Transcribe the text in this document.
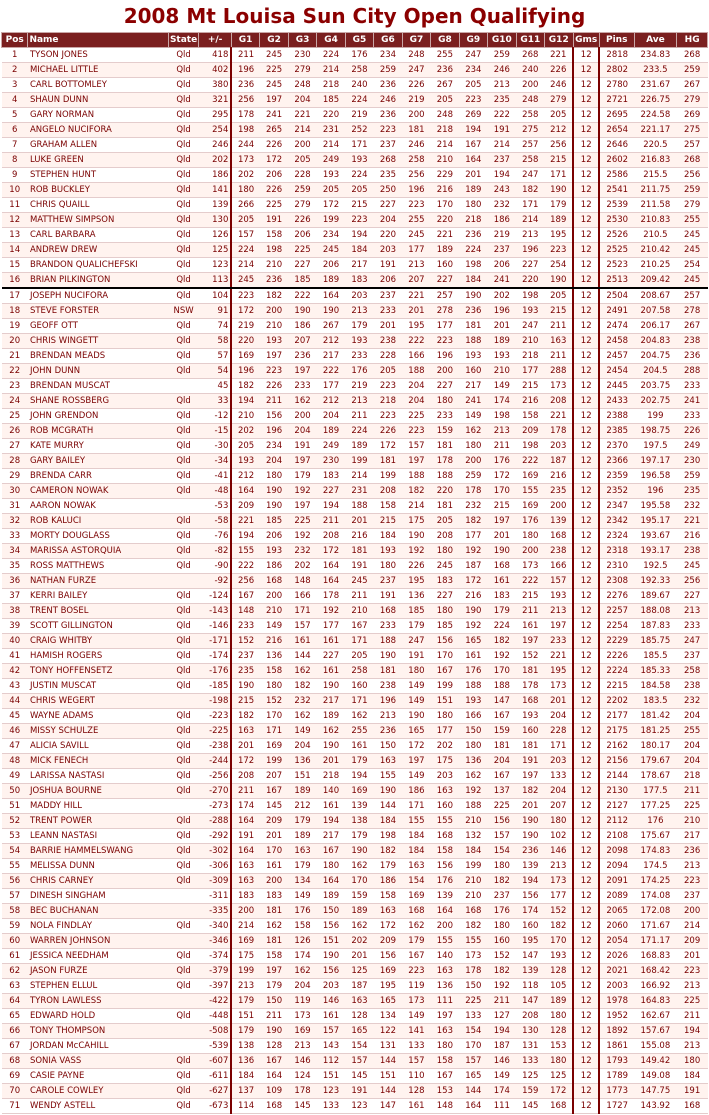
2008 Mt Louisa Sun City Open Qualifying
Pos	Name	State	+/-	G1	G2	G3	G4	G5	G6	G7	G8	G9	G10	G11	G12	Gms	Pins	Ave	HG
1	TYSON JONES	Qld	418	211	245	230	224	176	234	248	255	247	259	268	221	12	2818	234.83	268
2	MICHAEL LITTLE	Qld	402	196	225	279	214	258	259	247	236	234	246	240	226	12	2802	233.5	259
3	CARL BOTTOMLEY	Qld	380	236	245	248	218	240	236	226	267	205	213	200	246	12	2780	231.67	267
4	SHAUN DUNN	Qld	321	256	197	204	185	224	246	219	205	223	235	248	279	12	2721	226.75	279
5	GARY NORMAN	Qld	295	178	241	221	220	219	236	200	248	269	222	258	205	12	2695	224.58	269
6	ANGELO NUCIFORA	Qld	254	198	265	214	231	252	223	181	218	194	191	275	212	12	2654	221.17	275
7	GRAHAM ALLEN	Qld	246	244	226	200	214	171	237	246	214	167	214	257	256	12	2646	220.5	257
8	LUKE GREEN	Qld	202	173	172	205	249	193	268	258	210	164	237	258	215	12	2602	216.83	268
9	STEPHEN HUNT	Qld	186	202	206	228	193	224	235	256	229	201	194	247	171	12	2586	215.5	256
10	ROB BUCKLEY	Qld	141	180	226	259	205	205	250	196	216	189	243	182	190	12	2541	211.75	259
11	CHRIS QUAILL	Qld	139	266	225	279	172	215	227	223	170	180	232	171	179	12	2539	211.58	279
12	MATTHEW SIMPSON	Qld	130	205	191	226	199	223	204	255	220	218	186	214	189	12	2530	210.83	255
13	CARL BARBARA	Qld	126	157	158	206	234	194	220	245	221	236	219	213	195	12	2526	210.5	245
14	ANDREW DREW	Qld	125	224	198	225	245	184	203	177	189	224	237	196	223	12	2525	210.42	245
15	BRANDON QUALICHEFSKI	Qld	123	214	210	227	206	217	191	213	160	198	206	227	254	12	2523	210.25	254
16	BRIAN PILKINGTON	Qld	113	245	236	185	189	183	206	207	227	184	241	220	190	12	2513	209.42	245
17	JOSEPH NUCIFORA	Qld	104	223	182	222	164	203	237	221	257	190	202	198	205	12	2504	208.67	257
18	STEVE FORSTER	NSW	91	172	200	190	190	213	233	201	278	236	196	193	215	12	2491	207.58	278
19	GEOFF OTT	Qld	74	219	210	186	267	179	201	195	177	181	201	247	211	12	2474	206.17	267
20	CHRIS WINGETT	Qld	58	220	193	207	212	193	238	222	223	188	189	210	163	12	2458	204.83	238
21	BRENDAN MEADS	Qld	57	169	197	236	217	233	228	166	196	193	193	218	211	12	2457	204.75	236
22	JOHN DUNN	Qld	54	196	223	197	222	176	205	188	200	160	210	177	288	12	2454	204.5	288
23	BRENDAN MUSCAT		45	182	226	233	177	219	223	204	227	217	149	215	173	12	2445	203.75	233
24	SHANE ROSSBERG	Qld	33	194	211	162	212	213	218	204	180	241	174	216	208	12	2433	202.75	241
25	JOHN GRENDON	Qld	-12	210	156	200	204	211	223	225	233	149	198	158	221	12	2388	199	233
26	ROB MCGRATH	Qld	-15	202	196	204	189	224	226	223	159	162	213	209	178	12	2385	198.75	226
27	KATE MURRY	Qld	-30	205	234	191	249	189	172	157	181	180	211	198	203	12	2370	197.5	249
28	GARY BAILEY	Qld	-34	193	204	197	230	199	181	197	178	200	176	222	187	12	2366	197.17	230
29	BRENDA CARR	Qld	-41	212	180	179	183	214	199	188	188	259	172	169	216	12	2359	196.58	259
30	CAMERON NOWAK	Qld	-48	164	190	192	227	231	208	182	220	178	170	155	235	12	2352	196	235
31	AARON NOWAK		-53	209	190	197	194	188	158	214	181	232	215	169	200	12	2347	195.58	232
32	ROB KALUCI	Qld	-58	221	185	225	211	201	215	175	205	182	197	176	139	12	2342	195.17	221
33	MORTY DOUGLASS	Qld	-76	194	206	192	208	216	184	190	208	177	201	180	168	12	2324	193.67	216
34	MARISSA ASTORQUIA	Qld	-82	155	193	232	172	181	193	192	180	192	190	200	238	12	2318	193.17	238
35	ROSS MATTHEWS	Qld	-90	222	186	202	164	191	180	226	245	187	168	173	166	12	2310	192.5	245
36	NATHAN FURZE		-92	256	168	148	164	245	237	195	183	172	161	222	157	12	2308	192.33	256
37	KERRI BAILEY	Qld	-124	167	200	166	178	211	191	136	227	216	183	215	193	12	2276	189.67	227
38	TRENT BOSEL	Qld	-143	148	210	171	192	210	168	185	180	190	179	211	213	12	2257	188.08	213
39	SCOTT GILLINGTON	Qld	-146	233	149	157	177	167	233	179	185	192	224	161	197	12	2254	187.83	233
40	CRAIG WHITBY	Qld	-171	152	216	161	161	171	188	247	156	165	182	197	233	12	2229	185.75	247
41	HAMISH ROGERS	Qld	-174	237	136	144	227	205	190	191	170	161	192	152	221	12	2226	185.5	237
42	TONY HOFFENSETZ	Qld	-176	235	158	162	161	258	181	180	167	176	170	181	195	12	2224	185.33	258
43	JUSTIN MUSCAT	Qld	-185	190	180	182	190	160	238	149	199	188	188	178	173	12	2215	184.58	238
44	CHRIS WEGERT		-198	215	152	232	217	171	196	149	151	193	147	168	201	12	2202	183.5	232
45	WAYNE ADAMS	Qld	-223	182	170	162	189	162	213	190	180	166	167	193	204	12	2177	181.42	204
46	MISSY SCHULZE	Qld	-225	163	171	149	162	255	236	165	177	150	159	160	228	12	2175	181.25	255
47	ALICIA SAVILL	Qld	-238	201	169	204	190	161	150	172	202	180	181	181	171	12	2162	180.17	204
48	MICK FENECH	Qld	-244	172	199	136	201	179	163	197	175	136	204	191	203	12	2156	179.67	204
49	LARISSA NASTASI	Qld	-256	208	207	151	218	194	155	149	203	162	167	197	133	12	2144	178.67	218
50	JOSHUA BOURNE	Qld	-270	211	167	189	140	169	190	186	163	192	137	182	204	12	2130	177.5	211
51	MADDY HILL		-273	174	145	212	161	139	144	171	160	188	225	201	207	12	2127	177.25	225
52	TRENT POWER	Qld	-288	164	209	179	194	138	184	155	155	210	156	190	180	12	2112	176	210
53	LEANN NASTASI	Qld	-292	191	201	189	217	179	198	184	168	132	157	190	102	12	2108	175.67	217
54	BARRIE HAMMELSWANG	Qld	-302	164	170	163	167	190	182	184	158	184	154	236	146	12	2098	174.83	236
55	MELISSA DUNN	Qld	-306	163	161	179	180	162	179	163	156	199	180	139	213	12	2094	174.5	213
56	CHRIS CARNEY	Qld	-309	163	200	134	164	170	186	154	176	210	182	194	173	12	2091	174.25	223
57	DINESH SINGHAM		-311	183	183	149	189	159	158	169	139	210	237	156	177	12	2089	174.08	237
58	BEC BUCHANAN		-335	200	181	176	150	189	163	168	164	168	176	174	152	12	2065	172.08	200
59	NOLA FINDLAY	Qld	-340	214	162	158	156	162	172	162	200	182	180	160	182	12	2060	171.67	214
60	WARREN JOHNSON		-346	169	181	126	151	202	209	179	155	155	160	195	170	12	2054	171.17	209
61	JESSICA NEEDHAM	Qld	-374	175	158	174	190	201	156	167	140	173	152	147	193	12	2026	168.83	201
62	JASON FURZE	Qld	-379	199	197	162	156	125	169	223	163	178	182	139	128	12	2021	168.42	223
63	STEPHEN ELLUL	Qld	-397	213	179	204	203	187	195	119	136	150	192	118	105	12	2003	166.92	213
64	TYRON LAWLESS		-422	179	150	119	146	163	165	173	111	225	211	147	189	12	1978	164.83	225
65	EDWARD HOLD	Qld	-448	151	211	173	161	128	134	149	197	133	127	208	180	12	1952	162.67	211
66	TONY THOMPSON		-508	179	190	169	157	165	122	141	163	154	194	130	128	12	1892	157.67	194
67	JORDAN McCAHILL		-539	138	128	213	143	154	131	133	180	170	187	131	153	12	1861	155.08	213
68	SONIA VASS	Qld	-607	136	167	146	112	157	144	157	158	157	146	133	180	12	1793	149.42	180
69	CASIE PAYNE	Qld	-611	184	164	124	151	145	151	110	167	165	149	125	125	12	1789	149.08	184
70	CAROLE COWLEY	Qld	-627	137	109	178	123	191	144	128	153	144	174	159	172	12	1773	147.75	191
71	WENDY ASTELL	Qld	-673	114	168	145	133	123	147	161	148	164	111	145	168	12	1727	143.92	168
